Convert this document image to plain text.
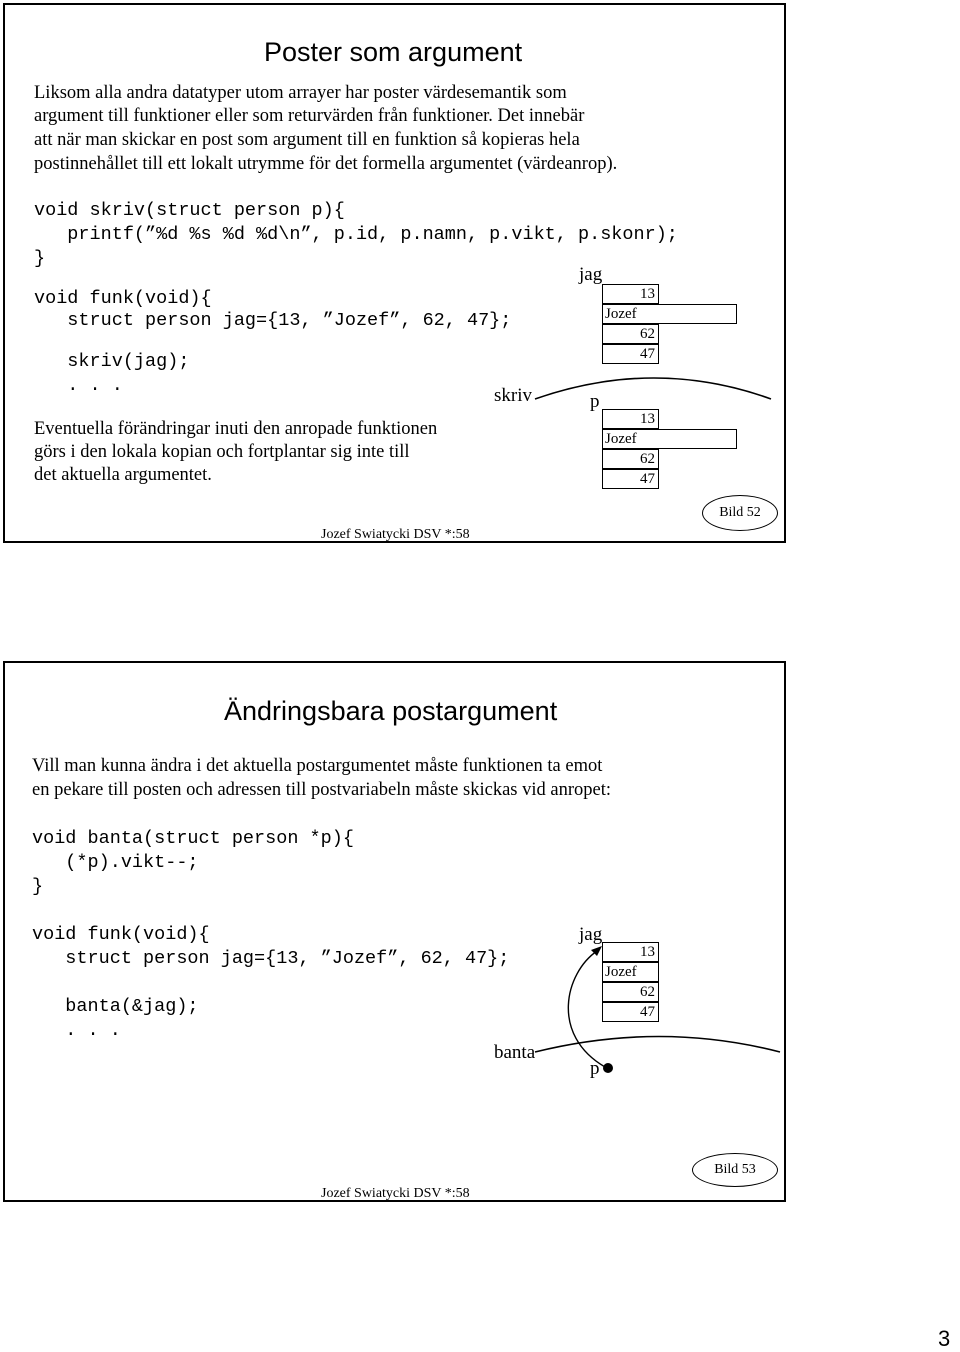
Poster som argument
Liksom alla andra datatyper utom arrayer har poster värdesemantik som
argument till funktioner eller som returvärden från funktioner. Det innebär
att när man skickar en post som argument till en funktion så kopieras hela
postinnehållet till ett lokalt utrymme för det formella argumentet (värdeanrop).
void skriv(struct person p){
printf(”%d %s %d %d\n”, p.id, p.namn, p.vikt, p.skonr);
}
void funk(void){
struct person jag={13, ”Jozef”, 62, 47};
skriv(jag);
. . .
Eventuella förändringar inuti den anropade funktionen
görs i den lokala kopian och fortplantar sig inte till
det aktuella argumentet.
jag
skriv	p
13
Jozef
62
47
13
Jozef
62
47
Jozef Swiatycki DSV *:58
Bild 52
Ändringsbara postargument
Vill man kunna ändra i det aktuella postargumentet måste funktionen ta emot
en pekare till posten och adressen till postvariabeln måste skickas vid anropet:
void banta(struct person *p){
(*p).vikt--;
}
void funk(void){
struct person jag={13, ”Jozef”, 62, 47};
banta(&jag);
. . .
jag
banta
p
13
Jozef
62
47
Jozef Swiatycki DSV *:58
Bild 53
3
